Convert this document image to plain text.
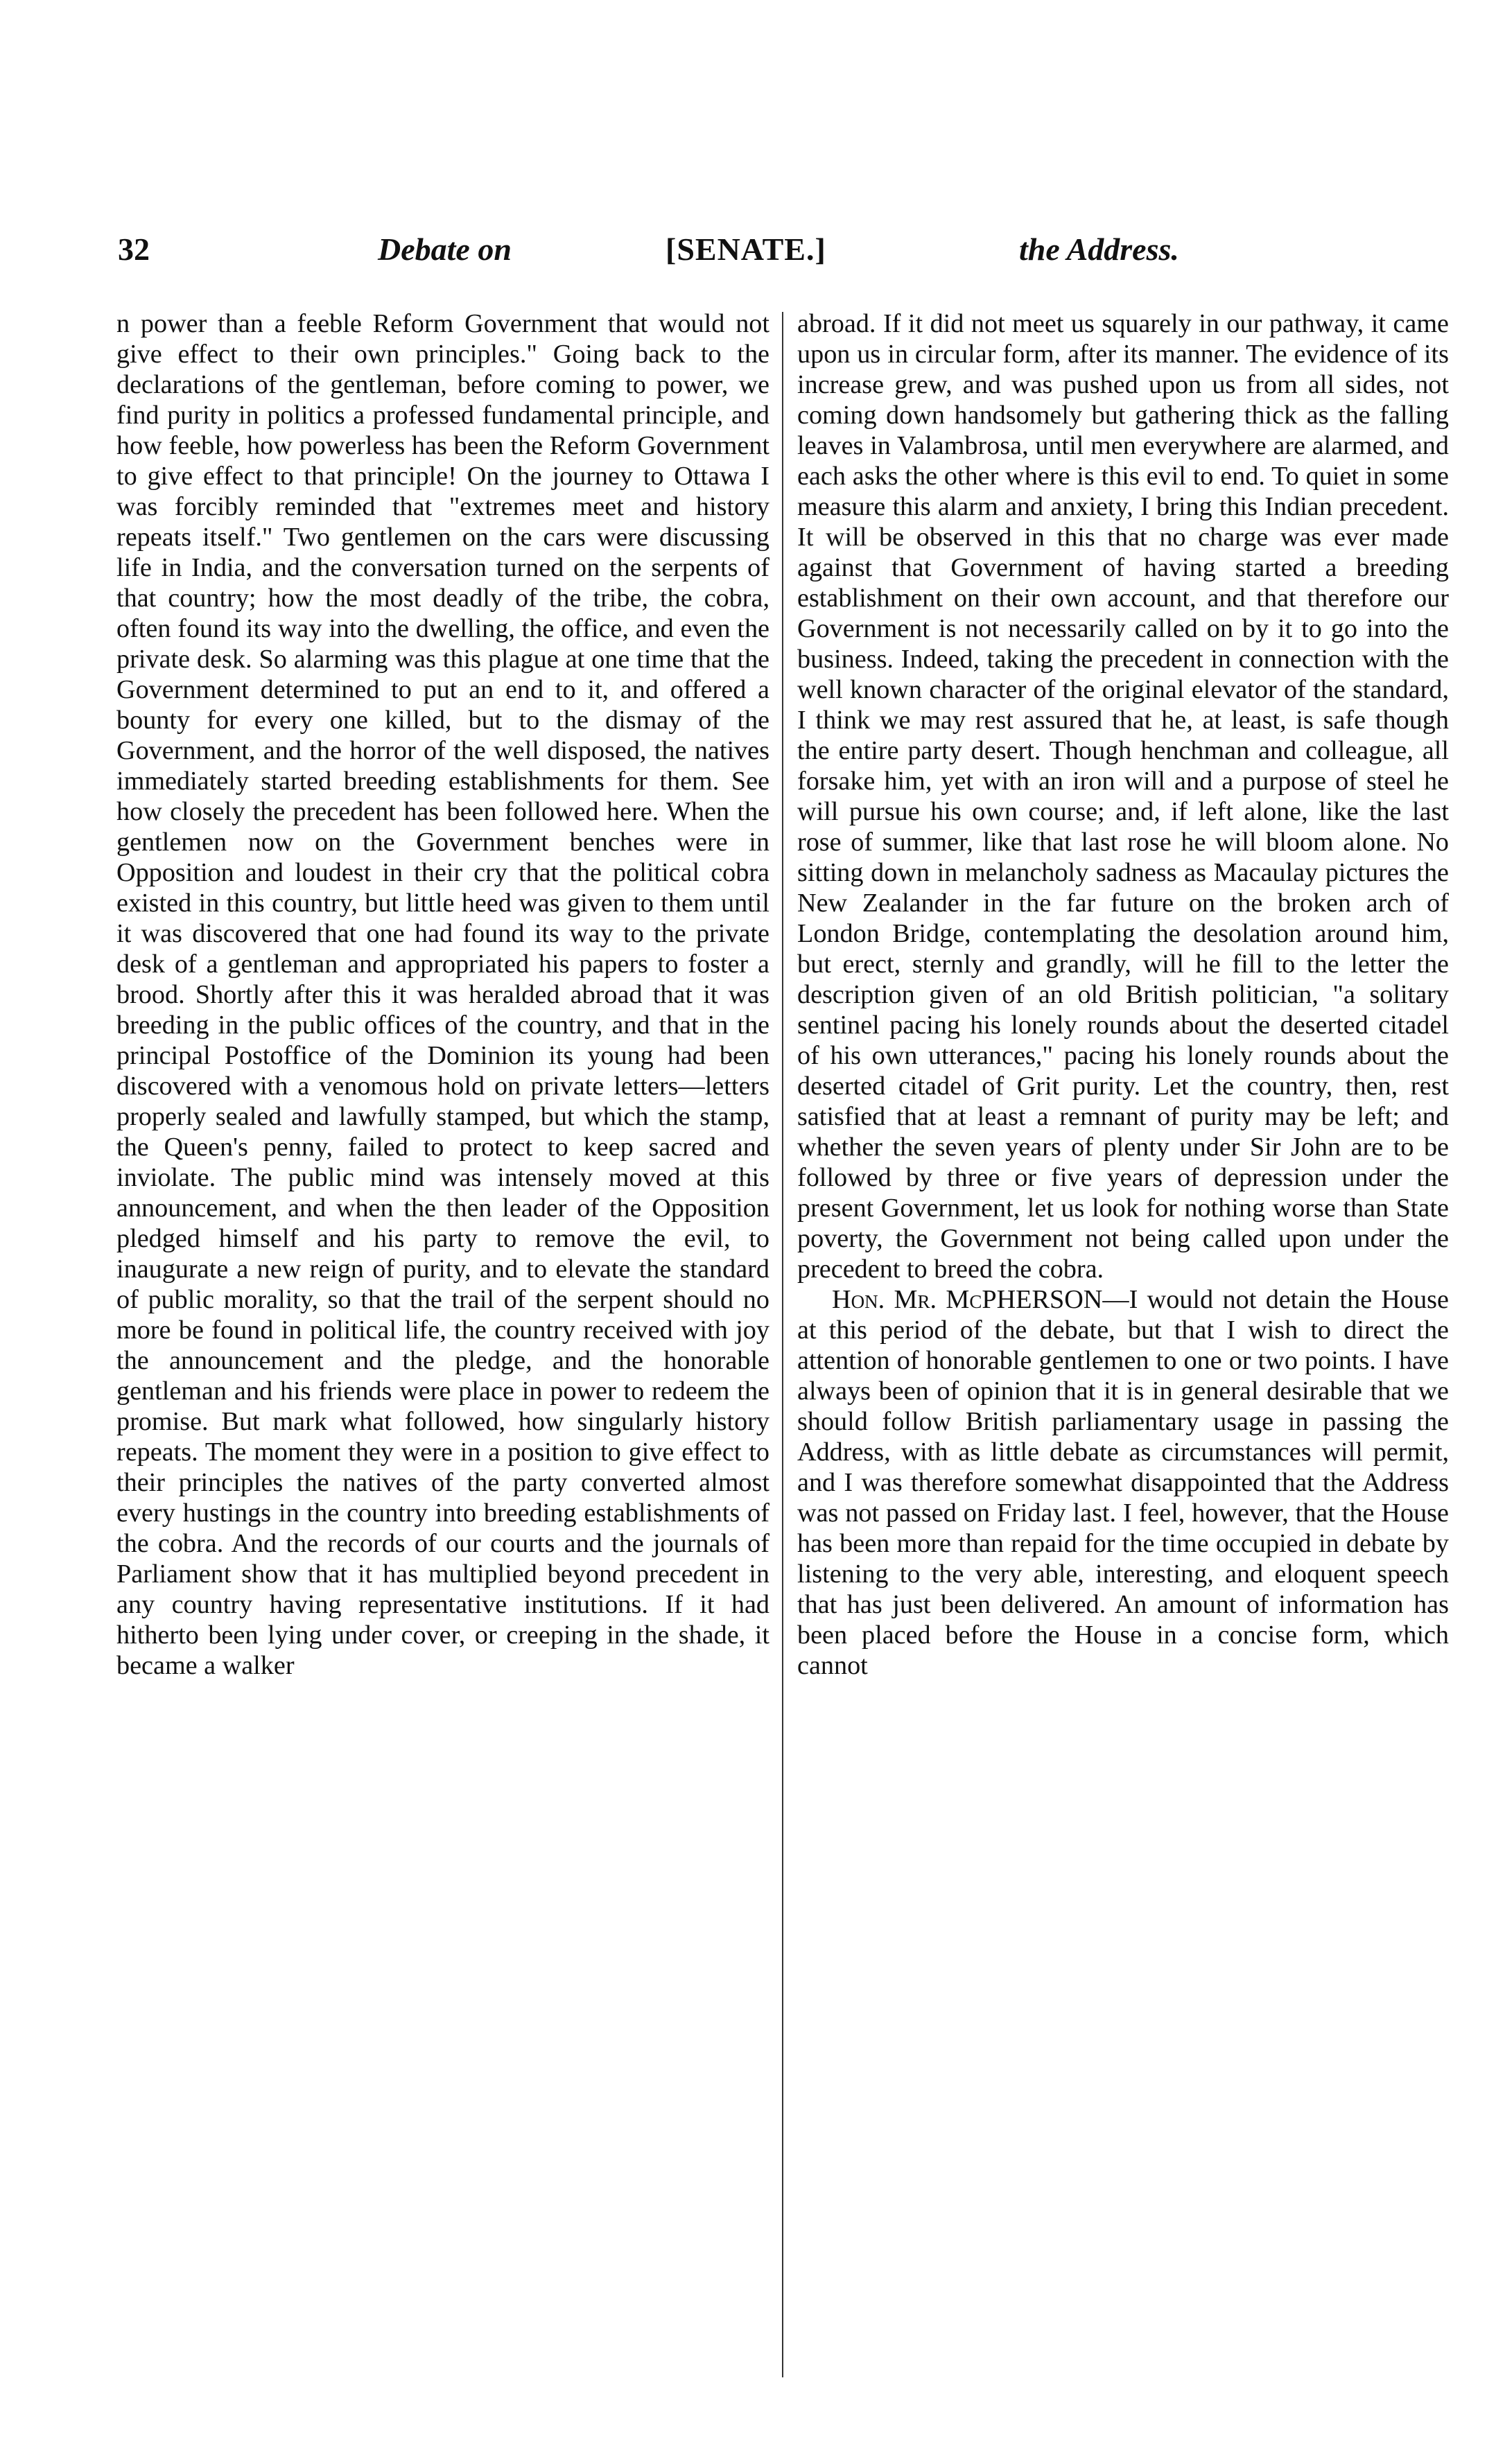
32	Debate on	[SENATE.]	the Address.

n power than a feeble Reform Government that would not give effect to their own principles." Going back to the declarations of the gentleman, before coming to power, we find purity in politics a professed fundamental principle, and how feeble, how powerless has been the Reform Government to give effect to that principle! On the journey to Ottawa I was forcibly reminded that "extremes meet and history repeats itself." Two gentlemen on the cars were discussing life in India, and the conversation turned on the serpents of that country; how the most deadly of the tribe, the cobra, often found its way into the dwelling, the office, and even the private desk. So alarming was this plague at one time that the Government determined to put an end to it, and offered a bounty for every one killed, but to the dismay of the Government, and the horror of the well disposed, the natives immediately started breeding establishments for them. See how closely the precedent has been followed here. When the gentlemen now on the Government benches were in Opposition and loudest in their cry that the political cobra existed in this country, but little heed was given to them until it was discovered that one had found its way to the private desk of a gentleman and appropriated his papers to foster a brood. Shortly after this it was heralded abroad that it was breeding in the public offices of the country, and that in the principal Postoffice of the Dominion its young had been discovered with a venomous hold on private letters—letters properly sealed and lawfully stamped, but which the stamp, the Queen's penny, failed to protect to keep sacred and inviolate. The public mind was intensely moved at this announcement, and when the then leader of the Opposition pledged himself and his party to remove the evil, to inaugurate a new reign of purity, and to elevate the standard of public morality, so that the trail of the serpent should no more be found in political life, the country received with joy the announcement and the pledge, and the honorable gentleman and his friends were place in power to redeem the promise. But mark what followed, how singularly history repeats. The moment they were in a position to give effect to their principles the natives of the party converted almost every hustings in the country into breeding establishments of the cobra. And the records of our courts and the journals of Parliament show that it has multiplied beyond precedent in any country having representative institutions. If it had hitherto been lying under cover, or creeping in the shade, it became a walker

abroad. If it did not meet us squarely in our pathway, it came upon us in circular form, after its manner. The evidence of its increase grew, and was pushed upon us from all sides, not coming down handsomely but gathering thick as the falling leaves in Valambrosa, until men everywhere are alarmed, and each asks the other where is this evil to end. To quiet in some measure this alarm and anxiety, I bring this Indian precedent. It will be observed in this that no charge was ever made against that Government of having started a breeding establishment on their own account, and that therefore our Government is not necessarily called on by it to go into the business. Indeed, taking the precedent in connection with the well known character of the original elevator of the standard, I think we may rest assured that he, at least, is safe though the entire party desert. Though henchman and colleague, all forsake him, yet with an iron will and a purpose of steel he will pursue his own course; and, if left alone, like the last rose of summer, like that last rose he will bloom alone. No sitting down in melancholy sadness as Macaulay pictures the New Zealander in the far future on the broken arch of London Bridge, contemplating the desolation around him, but erect, sternly and grandly, will he fill to the letter the description given of an old British politician, "a solitary sentinel pacing his lonely rounds about the deserted citadel of his own utterances," pacing his lonely rounds about the deserted citadel of Grit purity. Let the country, then, rest satisfied that at least a remnant of purity may be left; and whether the seven years of plenty under Sir John are to be followed by three or five years of depression under the present Government, let us look for nothing worse than State poverty, the Government not being called upon under the precedent to breed the cobra.

Hon. Mr. McPHERSON—I would not detain the House at this period of the debate, but that I wish to direct the attention of honorable gentlemen to one or two points. I have always been of opinion that it is in general desirable that we should follow British parliamentary usage in passing the Address, with as little debate as circumstances will permit, and I was therefore somewhat disappointed that the Address was not passed on Friday last. I feel, however, that the House has been more than repaid for the time occupied in debate by listening to the very able, interesting, and eloquent speech that has just been delivered. An amount of information has been placed before the House in a concise form, which cannot
